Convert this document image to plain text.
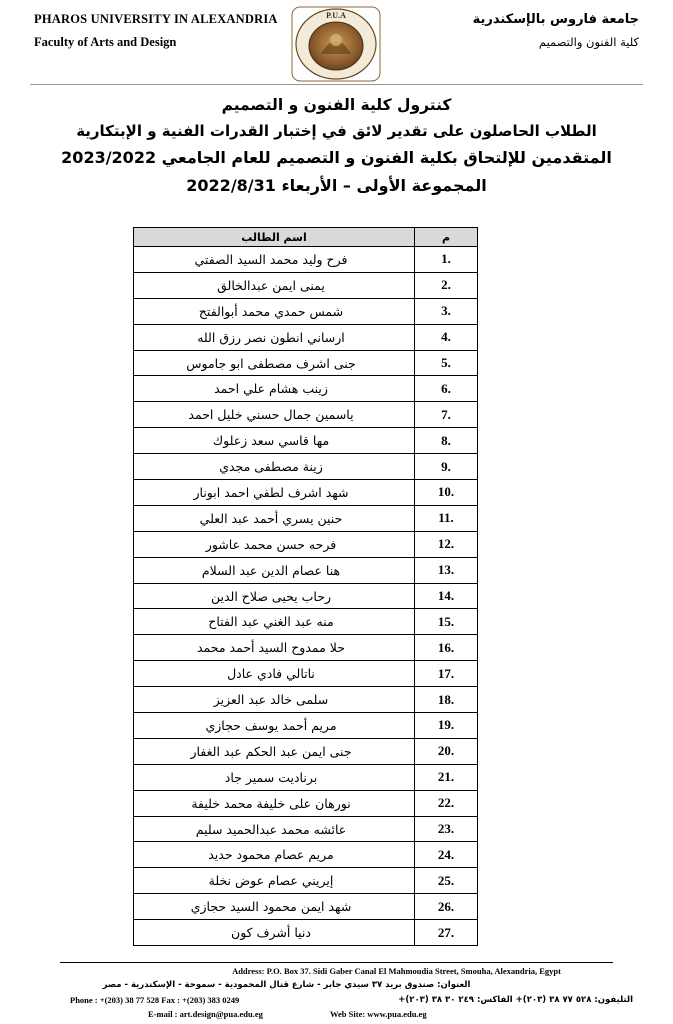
PHAROS UNIVERSITY IN ALEXANDRIA
Faculty of Arts and Design
P.U.A	جامعة فاروس بالإسكندرية
كلية الفنون والتصميم
كنترول كلية الفنون و التصميم
الطلاب الحاصلون على تقدير لائق في إختبار القدرات الفنية و الإبتكارية
المتقدمين للإلتحاق بكلية الفنون و التصميم للعام الجامعي 2023/2022
المجموعة الأولى – الأربعاء 2022/8/31
م	اسم الطالب
1.	فرح وليد محمد السيد الصفتي
2.	يمنى ايمن عبدالخالق
3.	شمس حمدي محمد أبوالفتح
4.	ارساني انطون نصر رزق الله
5.	جنى اشرف مصطفى ابو جاموس
6.	زينب هشام علي احمد
7.	ياسمين جمال حسني خليل احمد
8.	مها قاسي سعد زعلوك
9.	زينة مصطفى مجدي
10.	شهد اشرف لطفي احمد ابونار
11.	حنين يسري أحمد عبد العلي
12.	فرحه حسن محمد عاشور
13.	هنا عصام الدين عبد السلام
14.	رحاب يحيى صلاح الدين
15.	منه عبد الغني عبد الفتاح
16.	حلا ممدوح السيد أحمد محمد
17.	ناتالي فادي عادل
18.	سلمى خالد عبد العزيز
19.	مريم أحمد يوسف حجازي
20.	جنى ايمن عبد الحكم عبد الغفار
21.	برناديت سمير جاد
22.	نورهان على خليفة محمد خليفة
23.	عائشه محمد عبدالحميد سليم
24.	مريم عصام محمود حديد
25.	إيريني عصام عوض نخلة
26.	شهد ايمن محمود السيد حجازي
27.	دنيا أشرف كون
Address: P.O. Box 37. Sidi Gaber Canal El Mahmoudia Street, Smouha, Alexandria, Egypt
العنوان: صندوق بريد ٣٧ سيدي جابر - شارع قنال المحمودية - سموحة - الإسكندرية - مصر
Phone : +(203) 38 77 528 Fax : +(203) 383 0249	التليفون: ٥٢٨ ٧٧ ٣٨ (٢٠٣)+ الفاكس: ٢٤٩ ٣٠ ٣٨ (٢٠٣)+
E-mail : art.design@pua.edu.eg	Web Site: www.pua.edu.eg
